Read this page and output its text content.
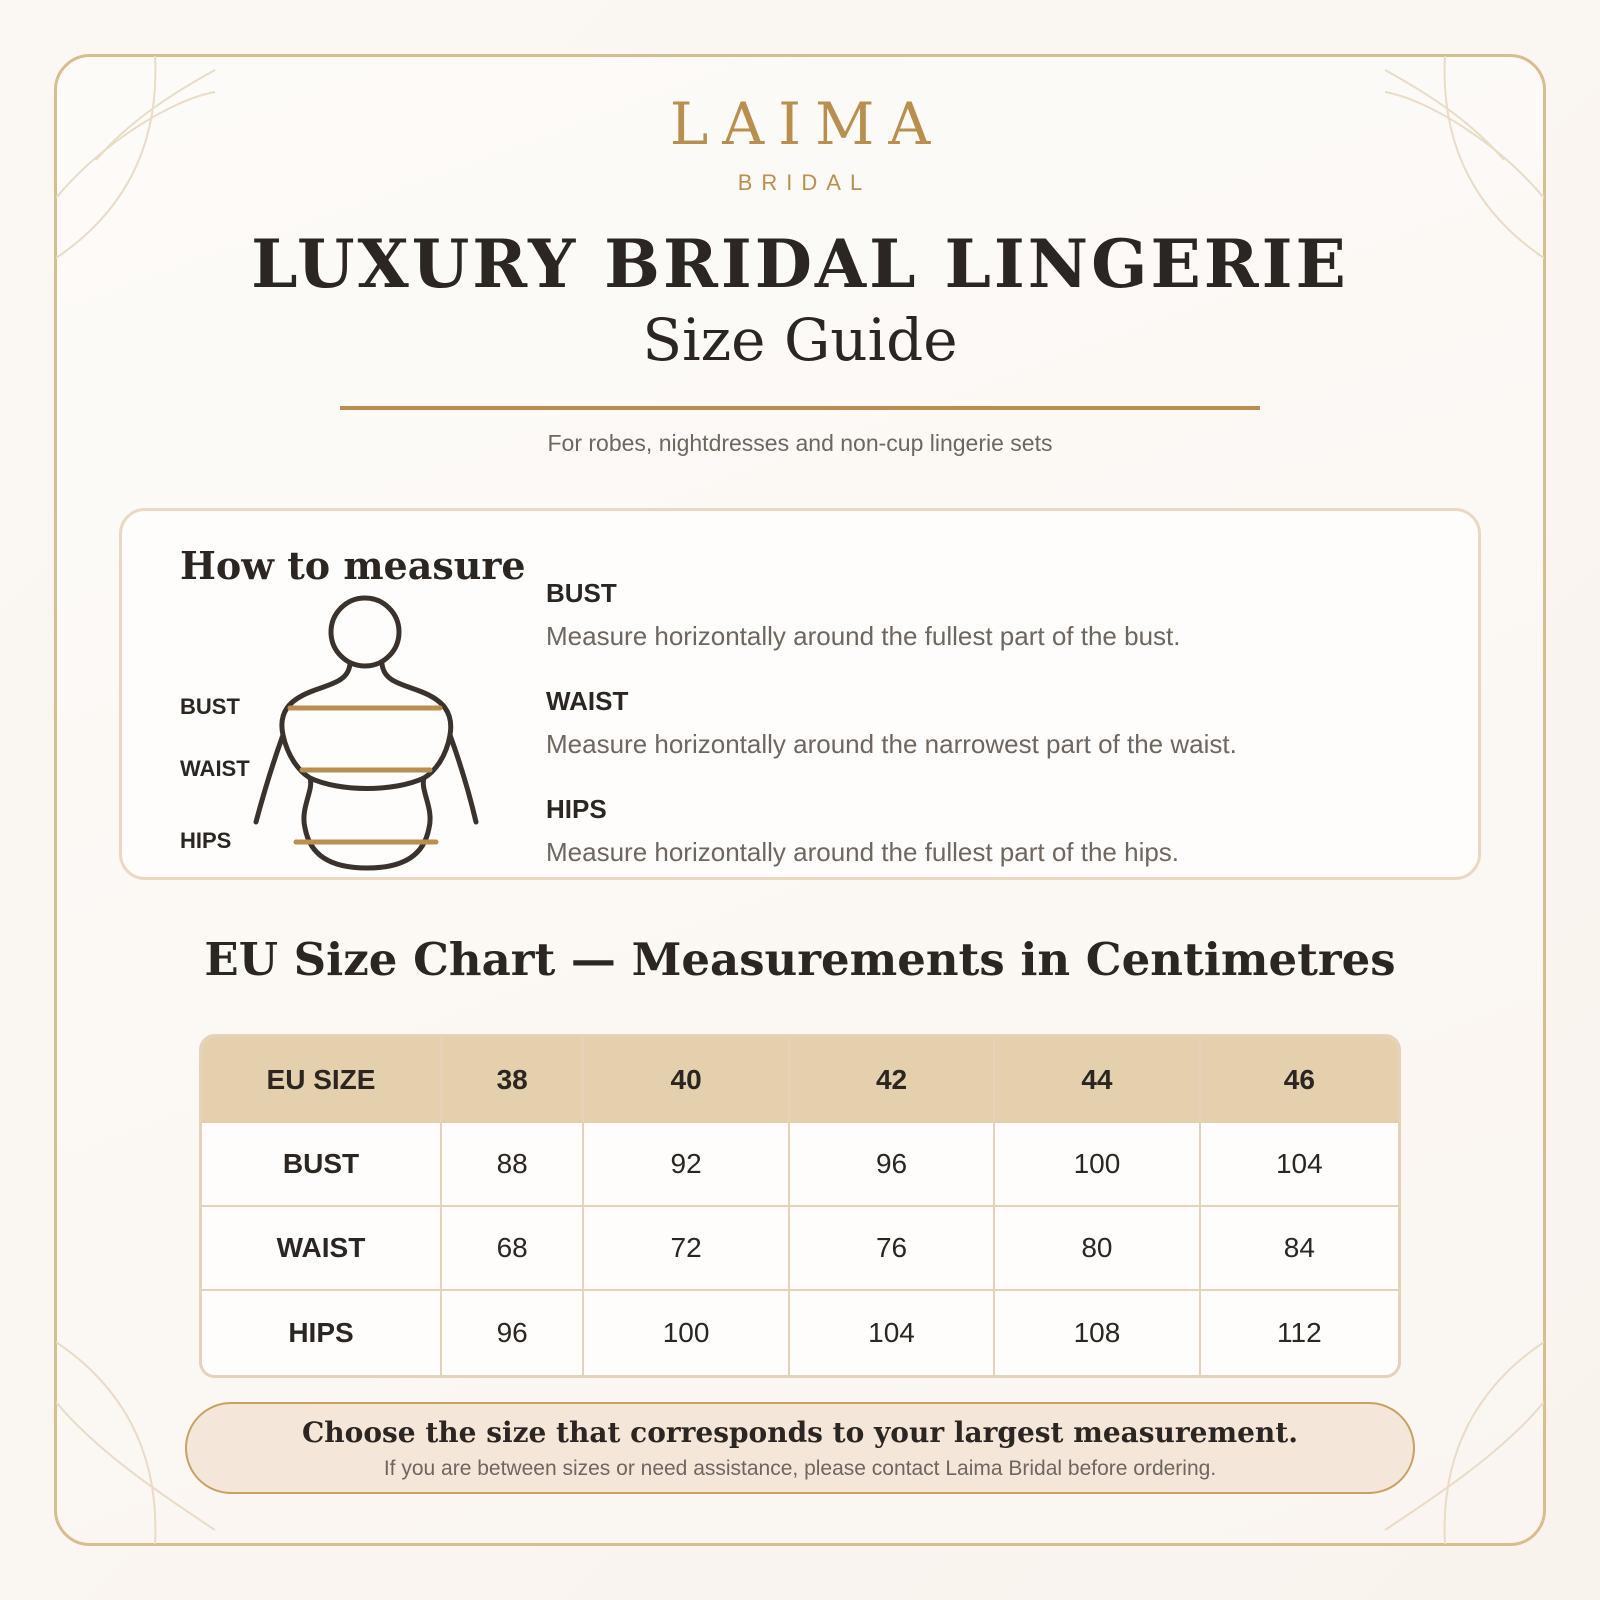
LAIMA
BRIDAL
LUXURY BRIDAL LINGERIE
Size Guide
For robes, nightdresses and non-cup lingerie sets
How to measure
BUST
WAIST
HIPS
BUST
Measure horizontally around the fullest part of the bust.
WAIST
Measure horizontally around the narrowest part of the waist.
HIPS
Measure horizontally around the fullest part of the hips.
EU Size Chart — Measurements in Centimetres
EU SIZE	38	40	42	44	46
BUST	88	92	96	100	104
WAIST	68	72	76	80	84
HIPS	96	100	104	108	112
Choose the size that corresponds to your largest measurement.
If you are between sizes or need assistance, please contact Laima Bridal before ordering.
